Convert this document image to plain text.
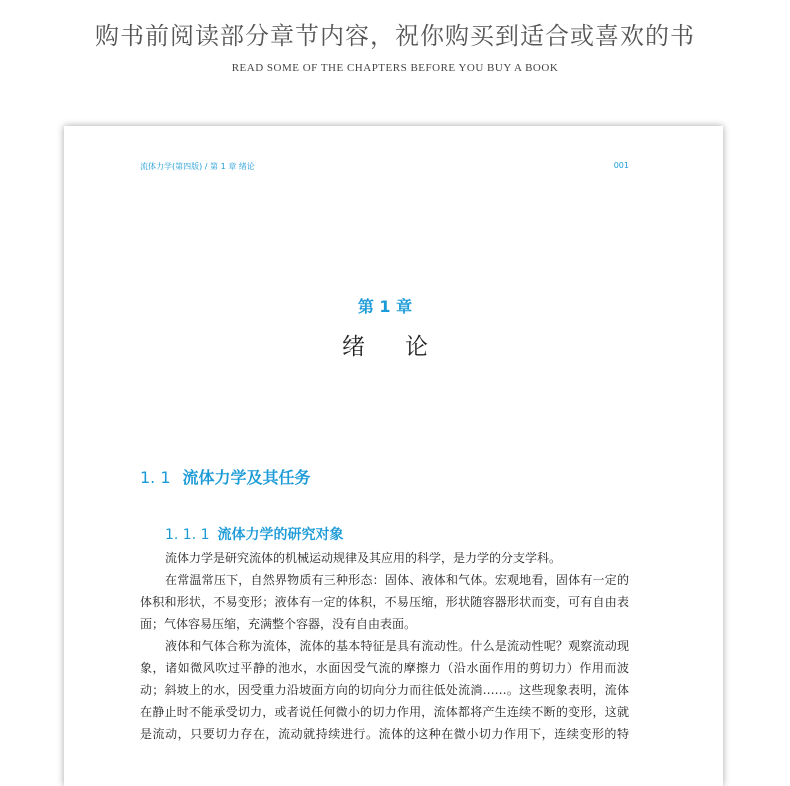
购书前阅读部分章节内容，祝你购买到适合或喜欢的书
READ SOME OF THE CHAPTERS BEFORE YOU BUY A BOOK
流体力学(第四版) / 第 1 章 绪论	001
第 1 章
绪 论
1. 1 流体力学及其任务
1. 1. 1 流体力学的研究对象
流体力学是研究流体的机械运动规律及其应用的科学，是力学的分支学科。
在常温常压下，自然界物质有三种形态：固体、液体和气体。宏观地看，固体有一定的
体积和形状，不易变形；液体有一定的体积，不易压缩，形状随容器形状而变，可有自由表
面；气体容易压缩，充满整个容器，没有自由表面。
液体和气体合称为流体，流体的基本特征是具有流动性。什么是流动性呢？观察流动现
象，诸如微风吹过平静的池水，水面因受气流的摩擦力（沿水面作用的剪切力）作用而波
动；斜坡上的水，因受重力沿坡面方向的切向分力而往低处流淌……。这些现象表明，流体
在静止时不能承受切力，或者说任何微小的切力作用，流体都将产生连续不断的变形，这就
是流动，只要切力存在，流动就持续进行。流体的这种在微小切力作用下，连续变形的特
